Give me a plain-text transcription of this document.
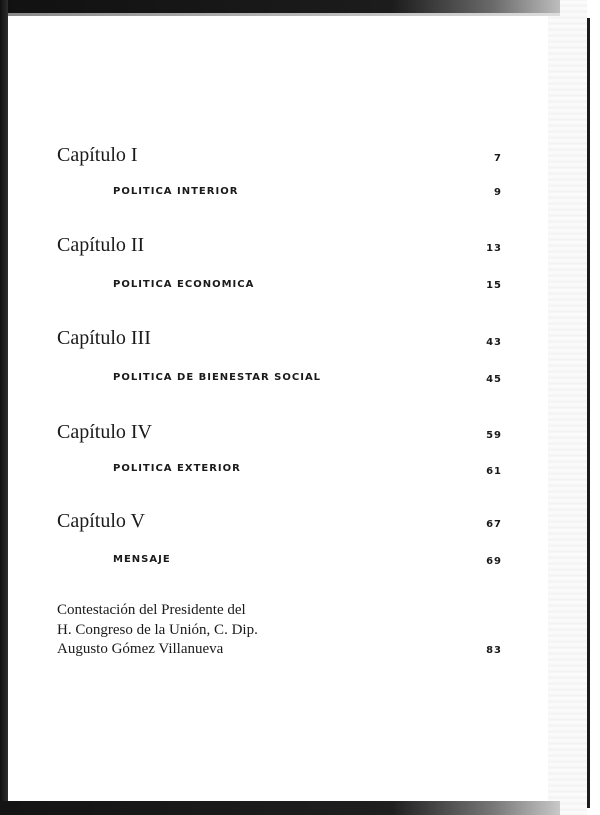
Capítulo I	7
POLITICA INTERIOR	9
Capítulo II	13
POLITICA ECONOMICA	15
Capítulo III	43
POLITICA DE BIENESTAR SOCIAL	45
Capítulo IV	59
POLITICA EXTERIOR	61
Capítulo V	67
MENSAJE	69
Contestación del Presidente del
H. Congreso de la Unión, C. Dip.
Augusto Gómez Villanueva	83
